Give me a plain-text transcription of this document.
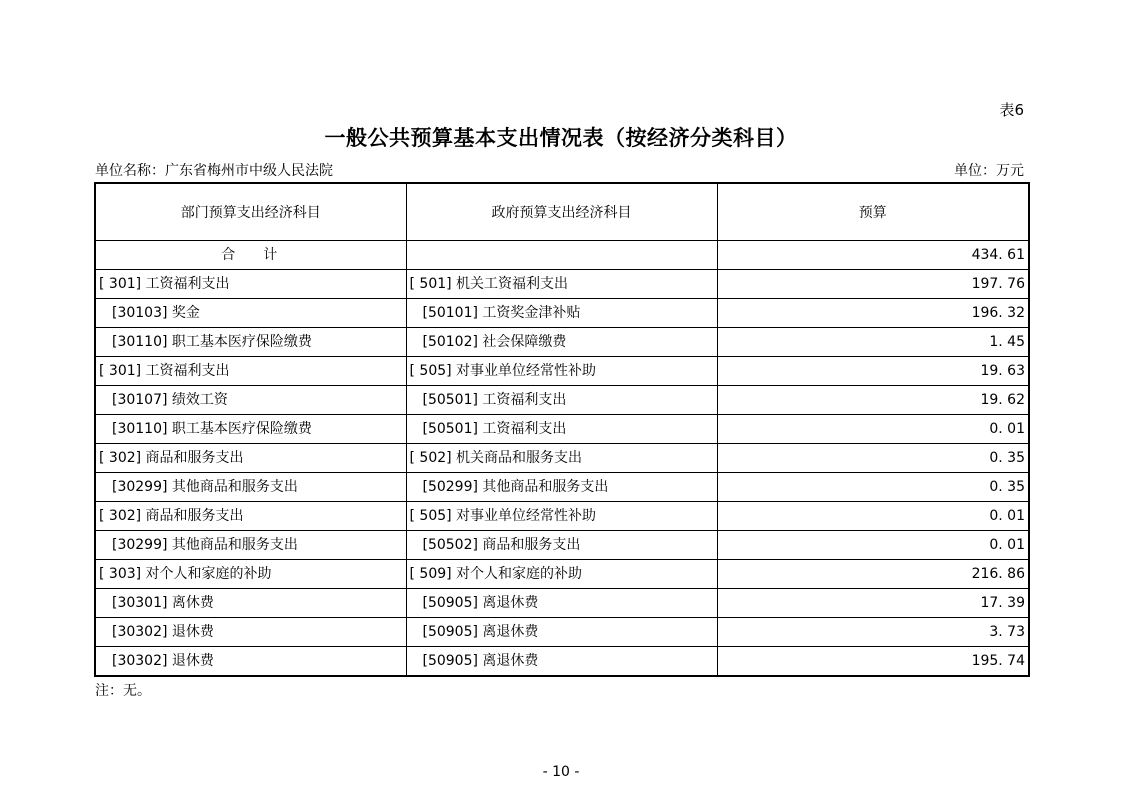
表6
一般公共预算基本支出情况表（按经济分类科目）
单位名称：广东省梅州市中级人民法院	单位：万元
部门预算支出经济科目	政府预算支出经济科目	预算
合计		434. 61
[ 301] 工资福利支出	[ 501] 机关工资福利支出	197. 76
[30103] 奖金	[50101] 工资奖金津补贴	196. 32
[30110] 职工基本医疗保险缴费	[50102] 社会保障缴费	1. 45
[ 301] 工资福利支出	[ 505] 对事业单位经常性补助	19. 63
[30107] 绩效工资	[50501] 工资福利支出	19. 62
[30110] 职工基本医疗保险缴费	[50501] 工资福利支出	0. 01
[ 302] 商品和服务支出	[ 502] 机关商品和服务支出	0. 35
[30299] 其他商品和服务支出	[50299] 其他商品和服务支出	0. 35
[ 302] 商品和服务支出	[ 505] 对事业单位经常性补助	0. 01
[30299] 其他商品和服务支出	[50502] 商品和服务支出	0. 01
[ 303] 对个人和家庭的补助	[ 509] 对个人和家庭的补助	216. 86
[30301] 离休费	[50905] 离退休费	17. 39
[30302] 退休费	[50905] 离退休费	3. 73
[30302] 退休费	[50905] 离退休费	195. 74
注：无。
- 10 -
